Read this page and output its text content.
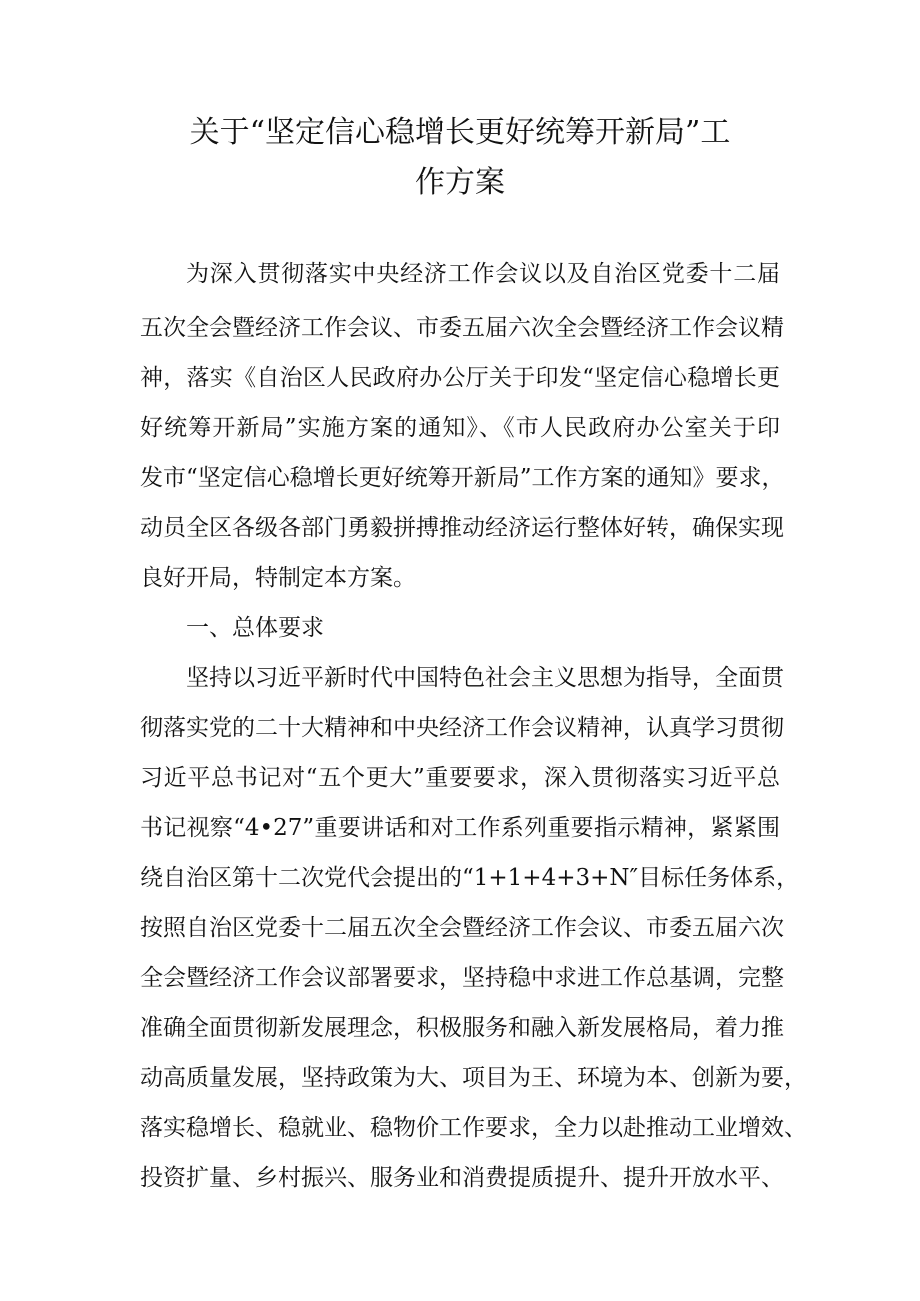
关于“坚定信心稳增长更好统筹开新局”工
作方案
为深入贯彻落实中央经济工作会议以及自治区党委十二届
五次全会暨经济工作会议、市委五届六次全会暨经济工作会议精
神，落实《自治区人民政府办公厅关于印发“坚定信心稳增长更
好统筹开新局”实施方案的通知》、《市人民政府办公室关于印
发市“坚定信心稳增长更好统筹开新局”工作方案的通知》要求，
动员全区各级各部门勇毅拼搏推动经济运行整体好转，确保实现
良好开局，特制定本方案。
一、总体要求
坚持以习近平新时代中国特色社会主义思想为指导，全面贯
彻落实党的二十大精神和中央经济工作会议精神，认真学习贯彻
习近平总书记对“五个更大”重要要求，深入贯彻落实习近平总
书记视察“4•27”重要讲话和对工作系列重要指示精神，紧紧围
绕自治区第十二次党代会提出的“1+1+4+3+N″目标任务体系，
按照自治区党委十二届五次全会暨经济工作会议、市委五届六次
全会暨经济工作会议部署要求，坚持稳中求进工作总基调，完整
准确全面贯彻新发展理念，积极服务和融入新发展格局，着力推
动高质量发展，坚持政策为大、项目为王、环境为本、创新为要，
落实稳增长、稳就业、稳物价工作要求，全力以赴推动工业增效、
投资扩量、乡村振兴、服务业和消费提质提升、提升开放水平、
